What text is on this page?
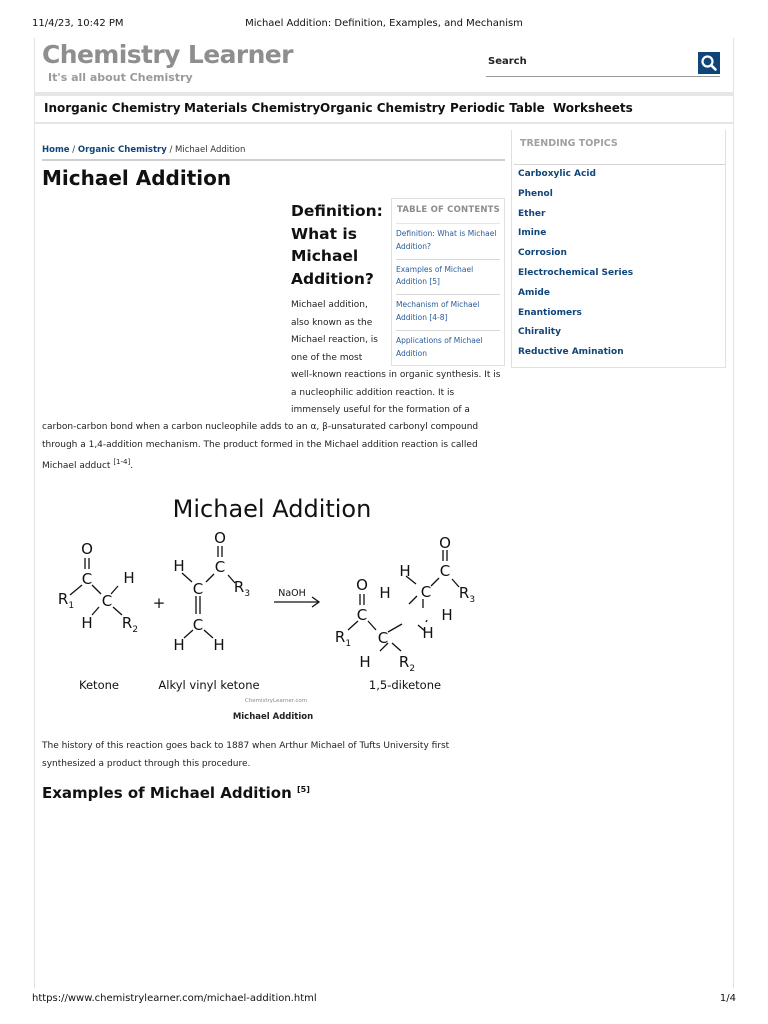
11/4/23, 10:42 PM	Michael Addition: Definition, Examples, and Mechanism
Chemistry Learner
It's all about Chemistry
Search
Inorganic Chemistry Materials Chemistry Organic Chemistry Periodic Table Worksheets
Home / Organic Chemistry / Michael Addition
Michael Addition
Definition: What is Michael Addition?
TABLE OF CONTENTS
Definition: What is Michael Addition?
Examples of Michael Addition [5]
Mechanism of Michael Addition [4-8]
Applications of Michael Addition

Michael addition, also known as the Michael reaction, is one of the most

well-known reactions in organic synthesis. It is a nucleophilic addition reaction. It is immensely useful for the formation of a

carbon-carbon bond when a carbon nucleophile adds to an α, β-unsaturated carbonyl compound through a 1,4-addition mechanism. The product formed in the Michael addition reaction is called Michael adduct [1-4].

Michael Addition
O
C H
$R_1$ C
H $R_2$
+
O
H C
$R_3$
C
C
H H
O
H C
C $R_3$
H
O H
C
$R_1$ C H
H $R_2$
NaOH
Ketone	Alkyl vinyl ketone	1,5-diketone
ChemistryLearner.com
Michael Addition

The history of this reaction goes back to 1887 when Arthur Michael of Tufts University first synthesized a product through this procedure.

Examples of Michael Addition [5]
TRENDING TOPICS
Carboxylic Acid
Phenol
Ether
Imine
Corrosion
Electrochemical Series
Amide
Enantiomers
Chirality
Reductive Amination
https://www.chemistrylearner.com/michael-addition.html	1/4
